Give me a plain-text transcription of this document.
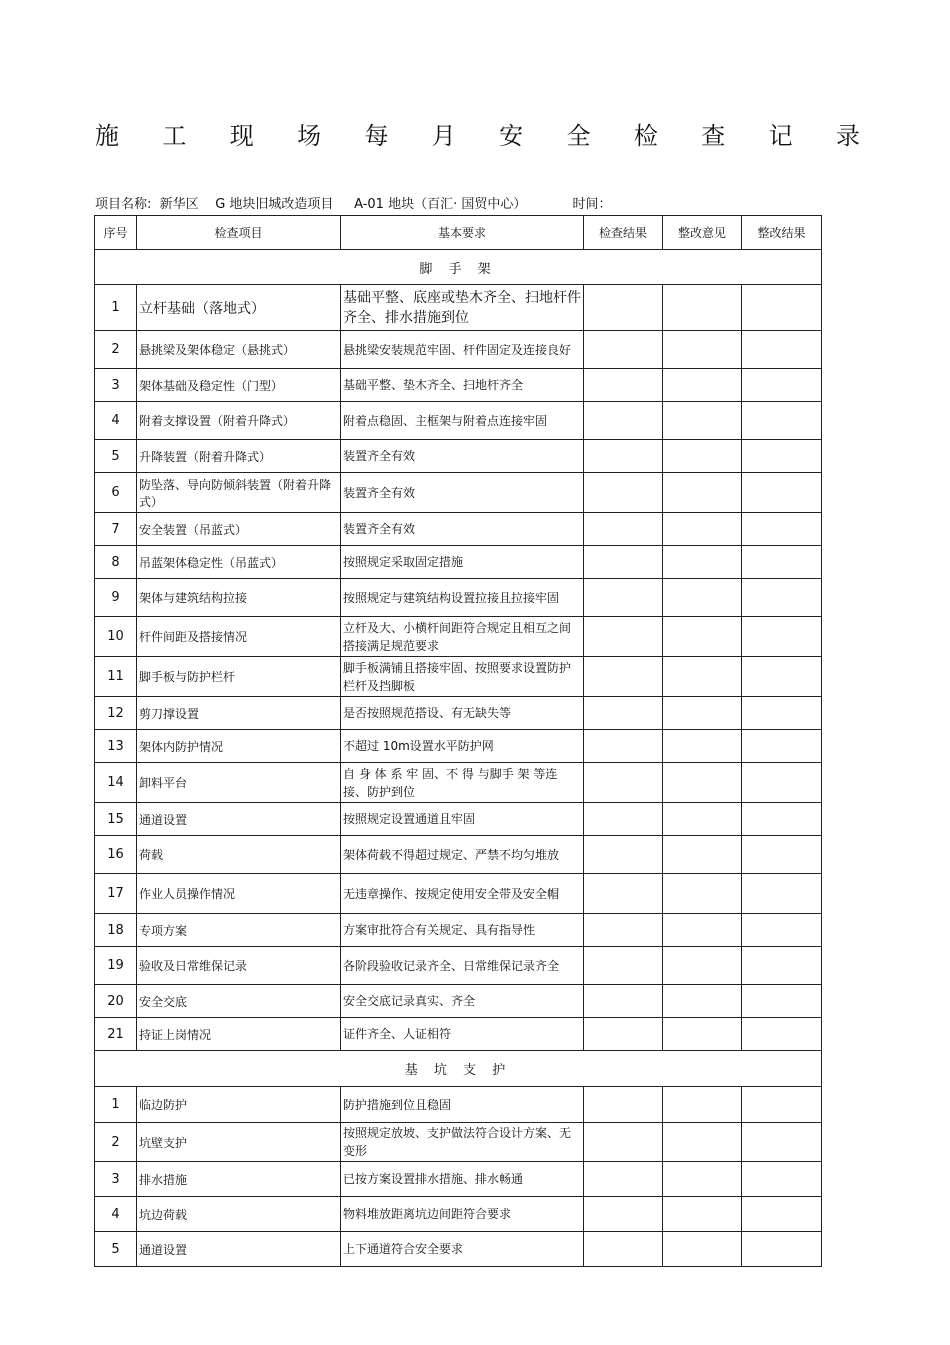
施 工 现 场 每 月 安 全 检 查 记 录
项目名称: 新华区 G 地块旧城改造项目 A-01 地块（百汇· 国贸中心）	时间：
序号	检查项目	基本要求	检查结果	整改意见	整改结果
脚 手 架					
1	立杆基础（落地式）	基础平整、底座或垫木齐全、扫地杆件齐全、排水措施到位			
2	悬挑梁及架体稳定（悬挑式）	悬挑梁安装规范牢固、杆件固定及连接良好			
3	架体基础及稳定性（门型）	基础平整、垫木齐全、扫地杆齐全			
4	附着支撑设置（附着升降式）	附着点稳固、主框架与附着点连接牢固			
5	升降装置（附着升降式）	装置齐全有效			
6	防坠落、导向防倾斜装置（附着升降式）	装置齐全有效			
7	安全装置（吊蓝式）	装置齐全有效			
8	吊蓝架体稳定性（吊蓝式）	按照规定采取固定措施			
9	架体与建筑结构拉接	按照规定与建筑结构设置拉接且拉接牢固			
10	杆件间距及搭接情况	立杆及大、小横杆间距符合规定且相互之间搭接满足规范要求			
11	脚手板与防护栏杆	脚手板满铺且搭接牢固、按照要求设置防护栏杆及挡脚板			
12	剪刀撑设置	是否按照规范搭设、有无缺失等			
13	架体内防护情况	不超过 10m设置水平防护网			
14	卸料平台	自 身 体 系 牢 固、不 得 与脚手 架 等连接、防护到位			
15	通道设置	按照规定设置通道且牢固			
16	荷载	架体荷载不得超过规定、严禁不均匀堆放			
17	作业人员操作情况	无违章操作、按规定使用安全带及安全帽			
18	专项方案	方案审批符合有关规定、具有指导性			
19	验收及日常维保记录	各阶段验收记录齐全、日常维保记录齐全			
20	安全交底	安全交底记录真实、齐全			
21	持证上岗情况	证件齐全、人证相符			
基 坑 支 护					
1	临边防护	防护措施到位且稳固			
2	坑壁支护	按照规定放坡、支护做法符合设计方案、无变形			
3	排水措施	已按方案设置排水措施、排水畅通			
4	坑边荷载	物料堆放距离坑边间距符合要求			
5	通道设置	上下通道符合安全要求			
